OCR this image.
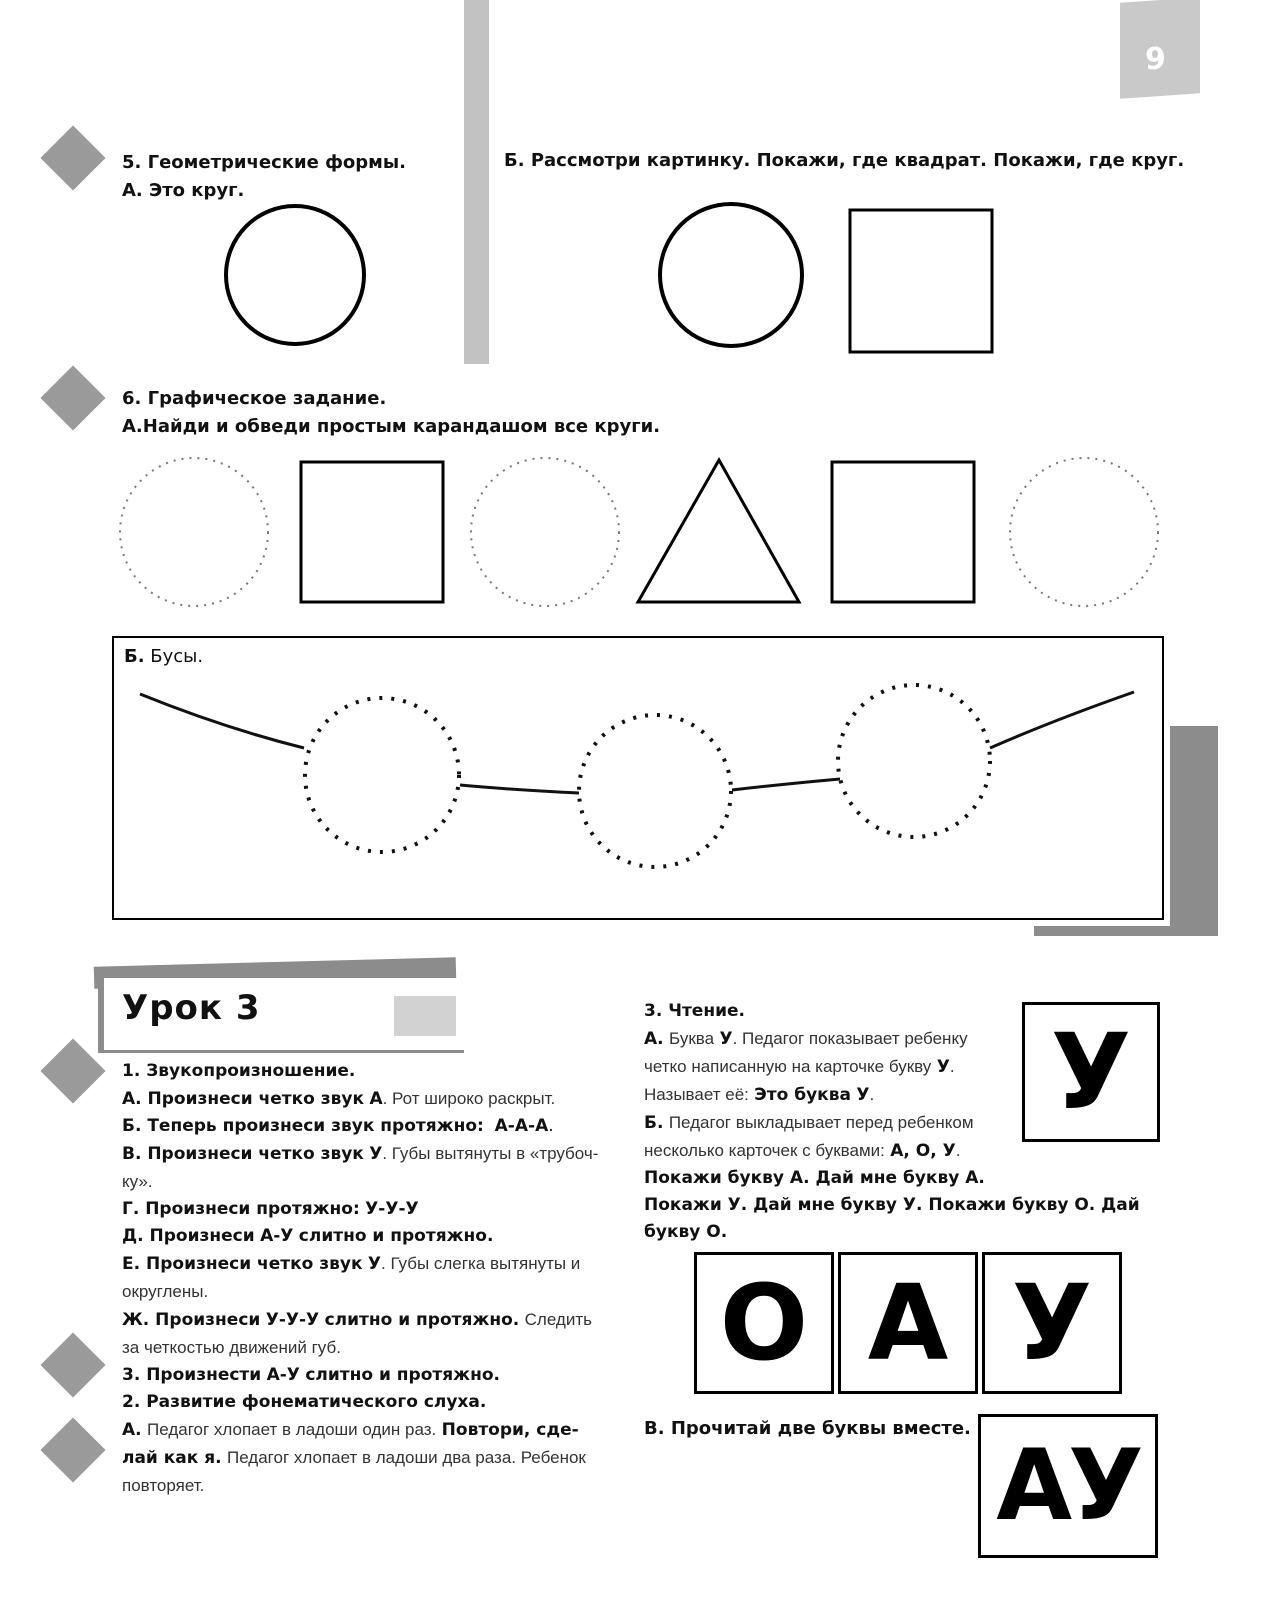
9
5. Геометрические формы.
А. Это круг.
Б. Рассмотри картинку. Покажи, где квадрат. Покажи, где круг.
6. Графическое задание.
А.Найди и обведи простым карандашом все круги.
Б. Бусы.
Урок 3
1. Звукопроизношение.
А. Произнеси четко звук А. Рот широко раскрыт.
Б. Теперь произнеси звук протяжно: А-А-А.
В. Произнеси четко звук У. Губы вытянуты в «трубоч-
ку».
Г. Произнеси протяжно: У-У-У
Д. Произнеси А-У слитно и протяжно.
Е. Произнеси четко звук У. Губы слегка вытянуты и
округлены.
Ж. Произнеси У-У-У слитно и протяжно. Следить
за четкостью движений губ.
3. Произнести А-У слитно и протяжно.
2. Развитие фонематического слуха.
А. Педагог хлопает в ладоши один раз. Повтори, сде-
лай как я. Педагог хлопает в ладоши два раза. Ребенок
повторяет.
3. Чтение.
А. Буква У. Педагог показывает ребенку
четко написанную на карточке букву У.
Называет её: Это буква У.
Б. Педагог выкладывает перед ребенком
несколько карточек с буквами: А, О, У.
Покажи букву А. Дай мне букву А.
Покажи У. Дай мне букву У. Покажи букву О. Дай
букву О.
В. Прочитай две буквы вместе.
У
О А У
АУ
